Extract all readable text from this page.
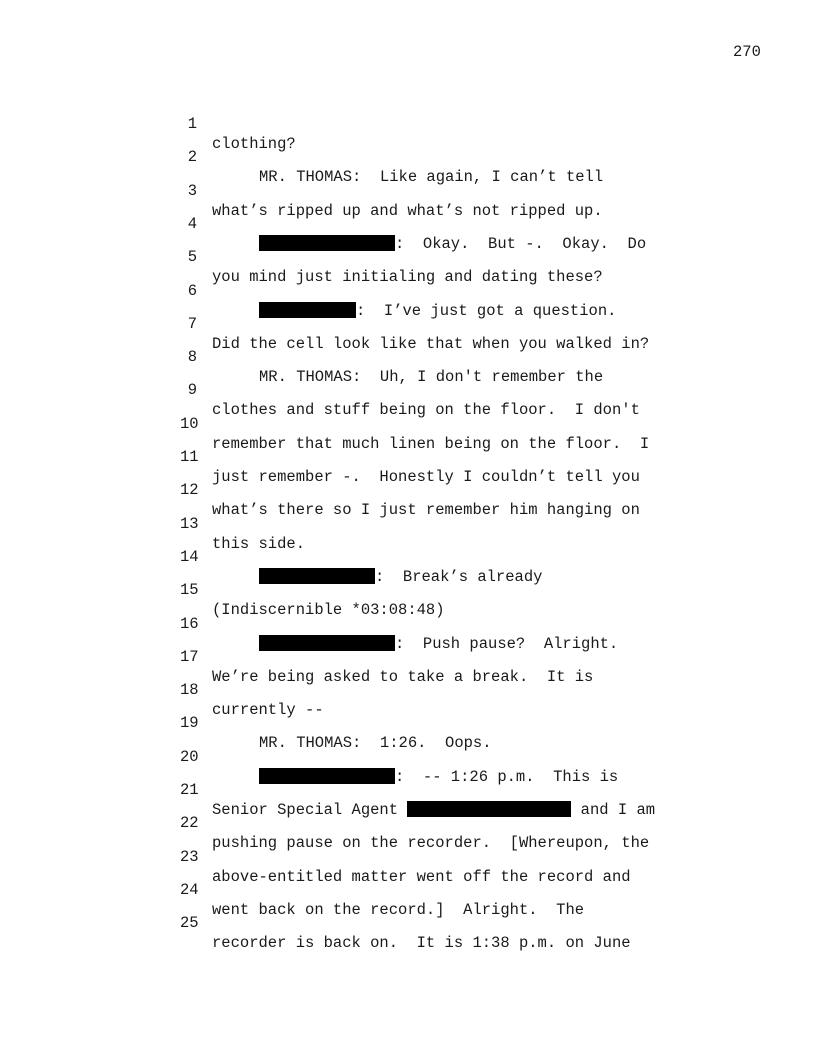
270

1

clothing?

2

MR. THOMAS:  Like again, I can’t tell

3

what’s ripped up and what’s not ripped up.

4

:  Okay.  But -.  Okay.  Do

5

you mind just initialing and dating these?

6

:  I’ve just got a question.

7

Did the cell look like that when you walked in?

8

MR. THOMAS:  Uh, I don't remember the

9

clothes and stuff being on the floor.  I don't

10

remember that much linen being on the floor.  I

11

just remember -.  Honestly I couldn’t tell you

12

what’s there so I just remember him hanging on

13

this side.

14

:  Break’s already

15

(Indiscernible *03:08:48)

16

:  Push pause?  Alright.

17

We’re being asked to take a break.  It is

18

currently --

19

MR. THOMAS:  1:26.  Oops.

20

:  -- 1:26 p.m.  This is

21

Senior Special Agent	and I am

22

pushing pause on the recorder.  [Whereupon, the

23

above-entitled matter went off the record and

24

went back on the record.]  Alright.  The

25

recorder is back on.  It is 1:38 p.m. on June
